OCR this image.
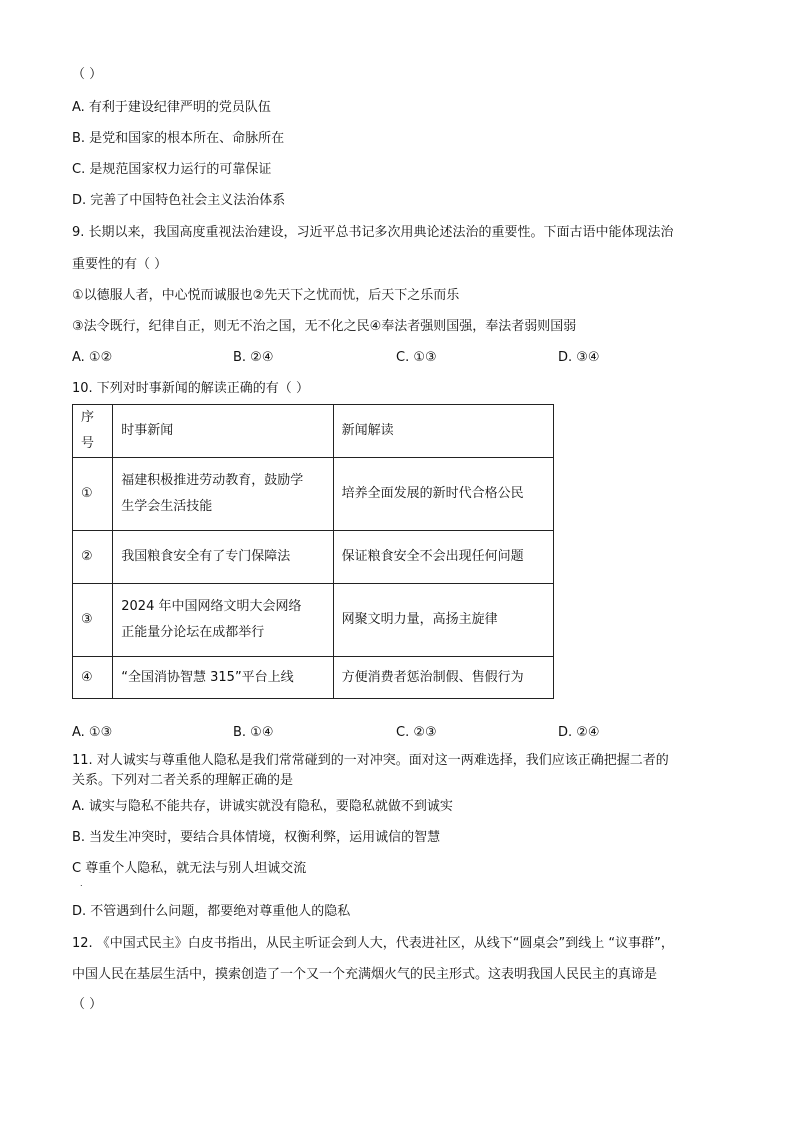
（ ）
A. 有利于建设纪律严明的党员队伍
B. 是党和国家的根本所在、命脉所在
C. 是规范国家权力运行的可靠保证
D. 完善了中国特色社会主义法治体系
9. 长期以来，我国高度重视法治建设，习近平总书记多次用典论述法治的重要性。下面古语中能体现法治
重要性的有（ ）
①以德服人者，中心悦而诚服也②先天下之忧而忧，后天下之乐而乐
③法令既行，纪律自正，则无不治之国，无不化之民④奉法者强则国强，奉法者弱则国弱
A. ①②	B. ②④	C. ①③	D. ③④
10. 下列对时事新闻的解读正确的有（ ）
序号	时事新闻	新闻解读
①	福建积极推进劳动教育，鼓励学
生学会生活技能	培养全面发展的新时代合格公民
②	我国粮食安全有了专门保障法	保证粮食安全不会出现任何问题
③	2024 年中国网络文明大会网络
正能量分论坛在成都举行	网聚文明力量，高扬主旋律
④	“全国消协智慧 315”平台上线	方便消费者惩治制假、售假行为
A. ①③	B. ①④	C. ②③	D. ②④
11. 对人诚实与尊重他人隐私是我们常常碰到的一对冲突。面对这一两难选择，我们应该正确把握二者的
关系。下列对二者关系的理解正确的是
A. 诚实与隐私不能共存，讲诚实就没有隐私，要隐私就做不到诚实
B. 当发生冲突时，要结合具体情境，权衡利弊，运用诚信的智慧
C 尊重个人隐私，就无法与别人坦诚交流
.
D. 不管遇到什么问题，都要绝对尊重他人的隐私
12. 《中国式民主》白皮书指出，从民主听证会到人大，代表进社区，从线下“圆桌会”到线上 “议事群”，
中国人民在基层生活中，摸索创造了一个又一个充满烟火气的民主形式。这表明我国人民民主的真谛是
（ ）
